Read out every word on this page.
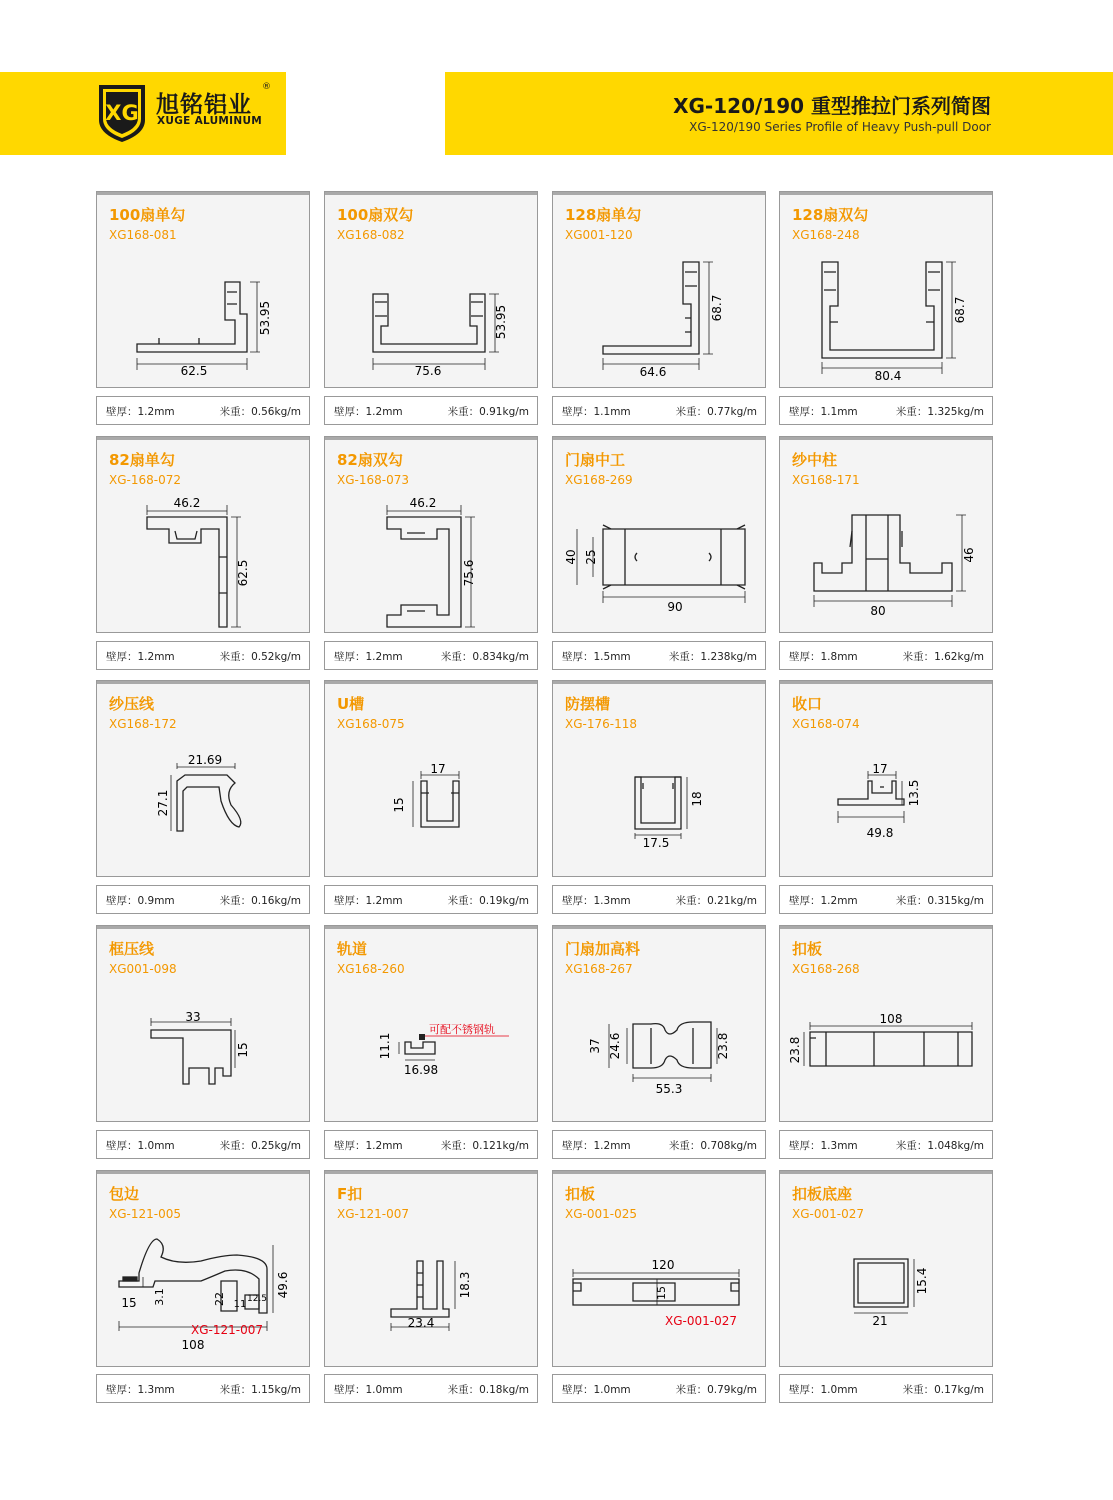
XG 旭铭铝业
®
XUGE ALUMINUM
XG-120/190 重型推拉门系列简图
XG-120/190 Series Profile of Heavy Push-pull Door
100扇单勾
XG168-081
62.5
53.95
壁厚：1.2mm	米重：0.56kg/m
100扇双勾
XG168-082
75.6
53.95
壁厚：1.2mm	米重：0.91kg/m
128扇单勾
XG001-120
64.6
68.7
壁厚：1.1mm	米重：0.77kg/m
128扇双勾
XG168-248
80.4
68.7
壁厚：1.1mm	米重：1.325kg/m
82扇单勾
XG-168-072
46.2
62.5
壁厚：1.2mm	米重：0.52kg/m
82扇双勾
XG-168-073
46.2
75.6
壁厚：1.2mm	米重：0.834kg/m
门扇中工
XG168-269
90
40 25
壁厚：1.5mm	米重：1.238kg/m
纱中柱
XG168-171
80
46
壁厚：1.8mm	米重：1.62kg/m
纱压线
XG168-172
21.69
27.1
壁厚：0.9mm	米重：0.16kg/m
U槽
XG168-075
17
15
壁厚：1.2mm	米重：0.19kg/m
防摆槽
XG-176-118
17.5
18
壁厚：1.3mm	米重：0.21kg/m
收口
XG168-074
17
13.5
49.8
壁厚：1.2mm	米重：0.315kg/m
框压线
XG001-098
33
15
壁厚：1.0mm	米重：0.25kg/m
轨道
XG168-260
可配不锈钢轨
11.1
16.98
壁厚：1.2mm	米重：0.121kg/m
门扇加高料
XG168-267
37 24.6	23.8
55.3
壁厚：1.2mm	米重：0.708kg/m
扣板
XG168-268
108
23.8
壁厚：1.3mm	米重：1.048kg/m
包边
XG-121-005
3.1
15	22 11 12.5
49.6
XG-121-007
108
壁厚：1.3mm	米重：1.15kg/m
F扣
XG-121-007
18.3
23.4
壁厚：1.0mm	米重：0.18kg/m
扣板
XG-001-025
120
15
XG-001-027
壁厚：1.0mm	米重：0.79kg/m
扣板底座
XG-001-027
15.4
21
壁厚：1.0mm	米重：0.17kg/m
